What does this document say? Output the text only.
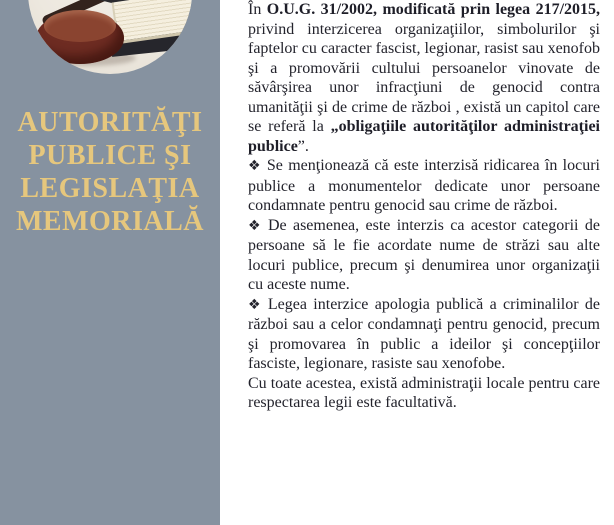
AUTORITĂŢI
PUBLICE ŞI
LEGISLAŢIA
MEMORIALĂ

În O.U.G. 31/2002, modificată prin legea 217/2015, privind interzicerea organizaţiilor, simbolurilor şi faptelor cu caracter fascist, legionar, rasist sau xenofob şi a promovării cultului persoanelor vinovate de săvârşirea unor infracţiuni de genocid contra umanităţii şi de crime de război , există un capitol care se referă la „obligaţiile autorităţilor administraţiei publice”.

❖ Se menţionează că este interzisă ridicarea în locuri publice a monumentelor dedicate unor persoane condamnate pentru genocid sau crime de război.

❖ De asemenea, este interzis ca acestor categorii de persoane să le fie acordate nume de străzi sau alte locuri publice, precum şi denumirea unor organizaţii cu aceste nume.

❖ Legea interzice apologia publică a criminalilor de război sau a celor condamnaţi pentru genocid, precum şi promovarea în public a ideilor şi concepţiilor fasciste, legionare, rasiste sau xenofobe.

Cu toate acestea, există administraţii locale pentru care respectarea legii este facultativă.
